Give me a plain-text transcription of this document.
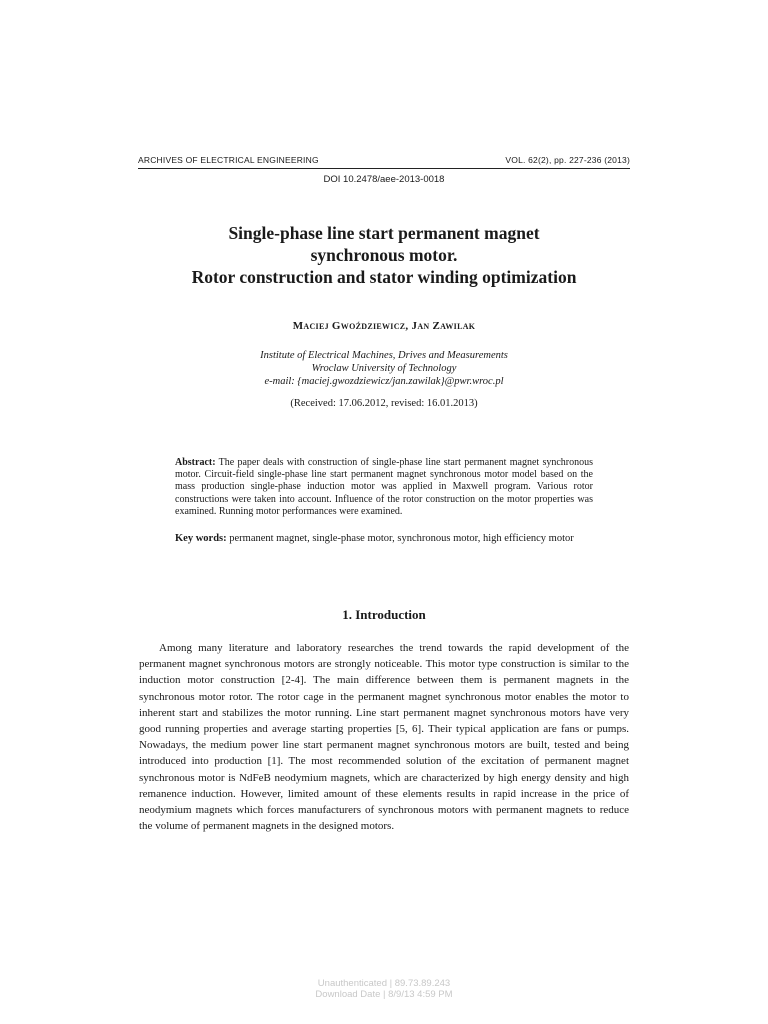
ARCHIVES OF ELECTRICAL ENGINEERING	VOL. 62(2), pp. 227-236 (2013)
DOI 10.2478/aee-2013-0018
Single-phase line start permanent magnet
synchronous motor.
Rotor construction and stator winding optimization
Maciej Gwoździewicz, Jan Zawilak
Institute of Electrical Machines, Drives and Measurements
Wroclaw University of Technology
e-mail: {maciej.gwozdziewicz/jan.zawilak}@pwr.wroc.pl
(Received: 17.06.2012, revised: 16.01.2013)
Abstract: The paper deals with construction of single-phase line start permanent magnet synchronous motor. Circuit-field single-phase line start permanent magnet synchronous motor model based on the mass production single-phase induction motor was applied in Maxwell program. Various rotor constructions were taken into account. Influence of the rotor construction on the motor properties was examined. Running motor performances were examined.
Key words: permanent magnet, single-phase motor, synchronous motor, high efficiency motor
1. Introduction
Among many literature and laboratory researches the trend towards the rapid development of the permanent magnet synchronous motors are strongly noticeable. This motor type construction is similar to the induction motor construction [2-4]. The main difference between them is permanent magnets in the synchronous motor rotor. The rotor cage in the permanent magnet synchronous motor enables the motor to inherent start and stabilizes the motor running. Line start permanent magnet synchronous motors have very good running properties and average starting properties [5, 6]. Their typical application are fans or pumps. Nowadays, the medium power line start permanent magnet synchronous motors are built, tested and being introduced into production [1]. The most recommended solution of the excitation of permanent magnet synchronous motor is NdFeB neodymium magnets, which are characterized by high energy density and high remanence induction. However, limited amount of these elements results in rapid increase in the price of neodymium magnets which forces manufacturers of synchronous motors with permanent magnets to reduce the volume of permanent magnets in the designed motors.
Unauthenticated | 89.73.89.243
Download Date | 8/9/13 4:59 PM
